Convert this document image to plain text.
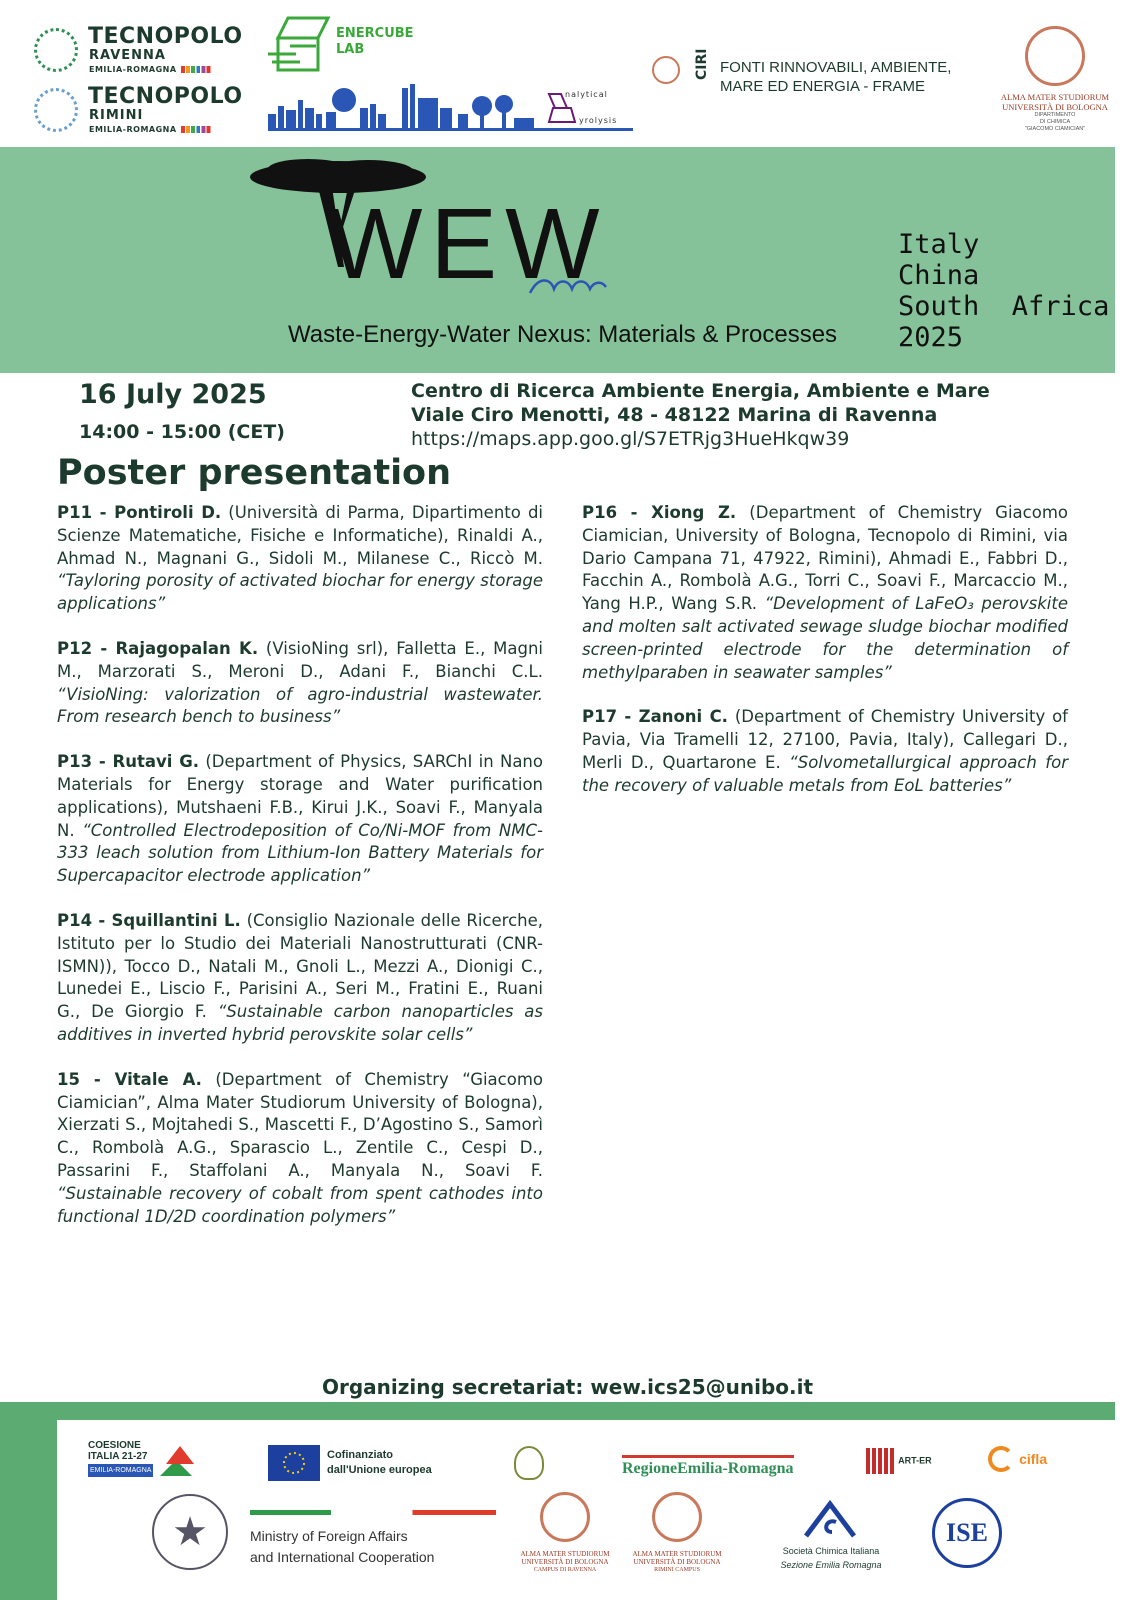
TECNOPOLO
RAVENNA
EMILIA-ROMAGNA
TECNOPOLO
RIMINI
EMILIA-ROMAGNA
ENERCUBE
LAB
nalytical
yrolysis
CIRI FONTI RINNOVABILI, AMBIENTE,
MARE ED ENERGIA - FRAME
ALMA MATER STUDIORUM
UNIVERSITÀ DI BOLOGNA
DIPARTIMENTO
DI CHIMICA
"GIACOMO CIAMICIAN"
WEW
Waste-Energy-Water Nexus: Materials & Processes
Italy
China
South  Africa
2025
16 July 2025
14:00 - 15:00 (CET)
Centro di Ricerca Ambiente Energia, Ambiente e Mare
Viale Ciro Menotti, 48 - 48122 Marina di Ravenna
https://maps.app.goo.gl/S7ETRjg3HueHkqw39
Poster presentation
P11 - Pontiroli D. (Università di Parma, Dipartimento di Scienze Matematiche, Fisiche e Informatiche), Rinaldi A., Ahmad N., Magnani G., Sidoli M., Milanese C., Riccò M. “Tayloring porosity of activated biochar for energy storage applications”
P12 - Rajagopalan K. (VisioNing srl), Falletta E., Magni M., Marzorati S., Meroni D., Adani F., Bianchi C.L. “VisioNing: valorization of agro-industrial wastewater. From research bench to business”
P13 - Rutavi G. (Department of Physics, SARChI in Nano Materials for Energy storage and Water purification applications), Mutshaeni F.B., Kirui J.K., Soavi F., Manyala N. “Controlled Electrodeposition of Co/Ni-MOF from NMC-333 leach solution from Lithium-Ion Battery Materials for Supercapacitor electrode application”
P14 - Squillantini L. (Consiglio Nazionale delle Ricerche, Istituto per lo Studio dei Materiali Nanostrutturati (CNR-ISMN)), Tocco D., Natali M., Gnoli L., Mezzi A., Dionigi C., Lunedei E., Liscio F., Parisini A., Seri M., Fratini E., Ruani G., De Giorgio F. “Sustainable carbon nanoparticles as additives in inverted hybrid perovskite solar cells”
15 - Vitale A. (Department of Chemistry “Giacomo Ciamician”, Alma Mater Studiorum University of Bologna), Xierzati S., Mojtahedi S., Mascetti F., D’Agostino S., Samorì C., Rombolà A.G., Sparascio L., Zentile C., Cespi D., Passarini F., Staffolani A., Manyala N., Soavi F. “Sustainable recovery of cobalt from spent cathodes into functional 1D/2D coordination polymers”
P16 - Xiong Z. (Department of Chemistry Giacomo Ciamician, University of Bologna, Tecnopolo di Rimini, via Dario Campana 71, 47922, Rimini), Ahmadi E., Fabbri D., Facchin A., Rombolà A.G., Torri C., Soavi F., Marcaccio M., Yang H.P., Wang S.R. “Development of LaFeO₃ perovskite and molten salt activated sewage sludge biochar modified screen-printed electrode for the determination of methylparaben in seawater samples”
P17 - Zanoni C. (Department of Chemistry University of Pavia, Via Tramelli 12, 27100, Pavia, Italy), Callegari D., Merli D., Quartarone E. “Solvometallurgical approach for the recovery of valuable metals from EoL batteries”
Organizing secretariat: wew.ics25@unibo.it
COESIONE
ITALIA 21-27
EMILIA-ROMAGNA
Cofinanziato
dall'Unione europea	RegioneEmilia-Romagna	ART-ER	cifla
★	Ministry of Foreign Affairs
and International Cooperation	ALMA MATER STUDIORUM
UNIVERSITÀ DI BOLOGNA
CAMPUS DI RAVENNA
ALMA MATER STUDIORUM
UNIVERSITÀ DI BOLOGNA
RIMINI CAMPUS
Società Chimica Italiana
Sezione Emilia Romagna
ISE
